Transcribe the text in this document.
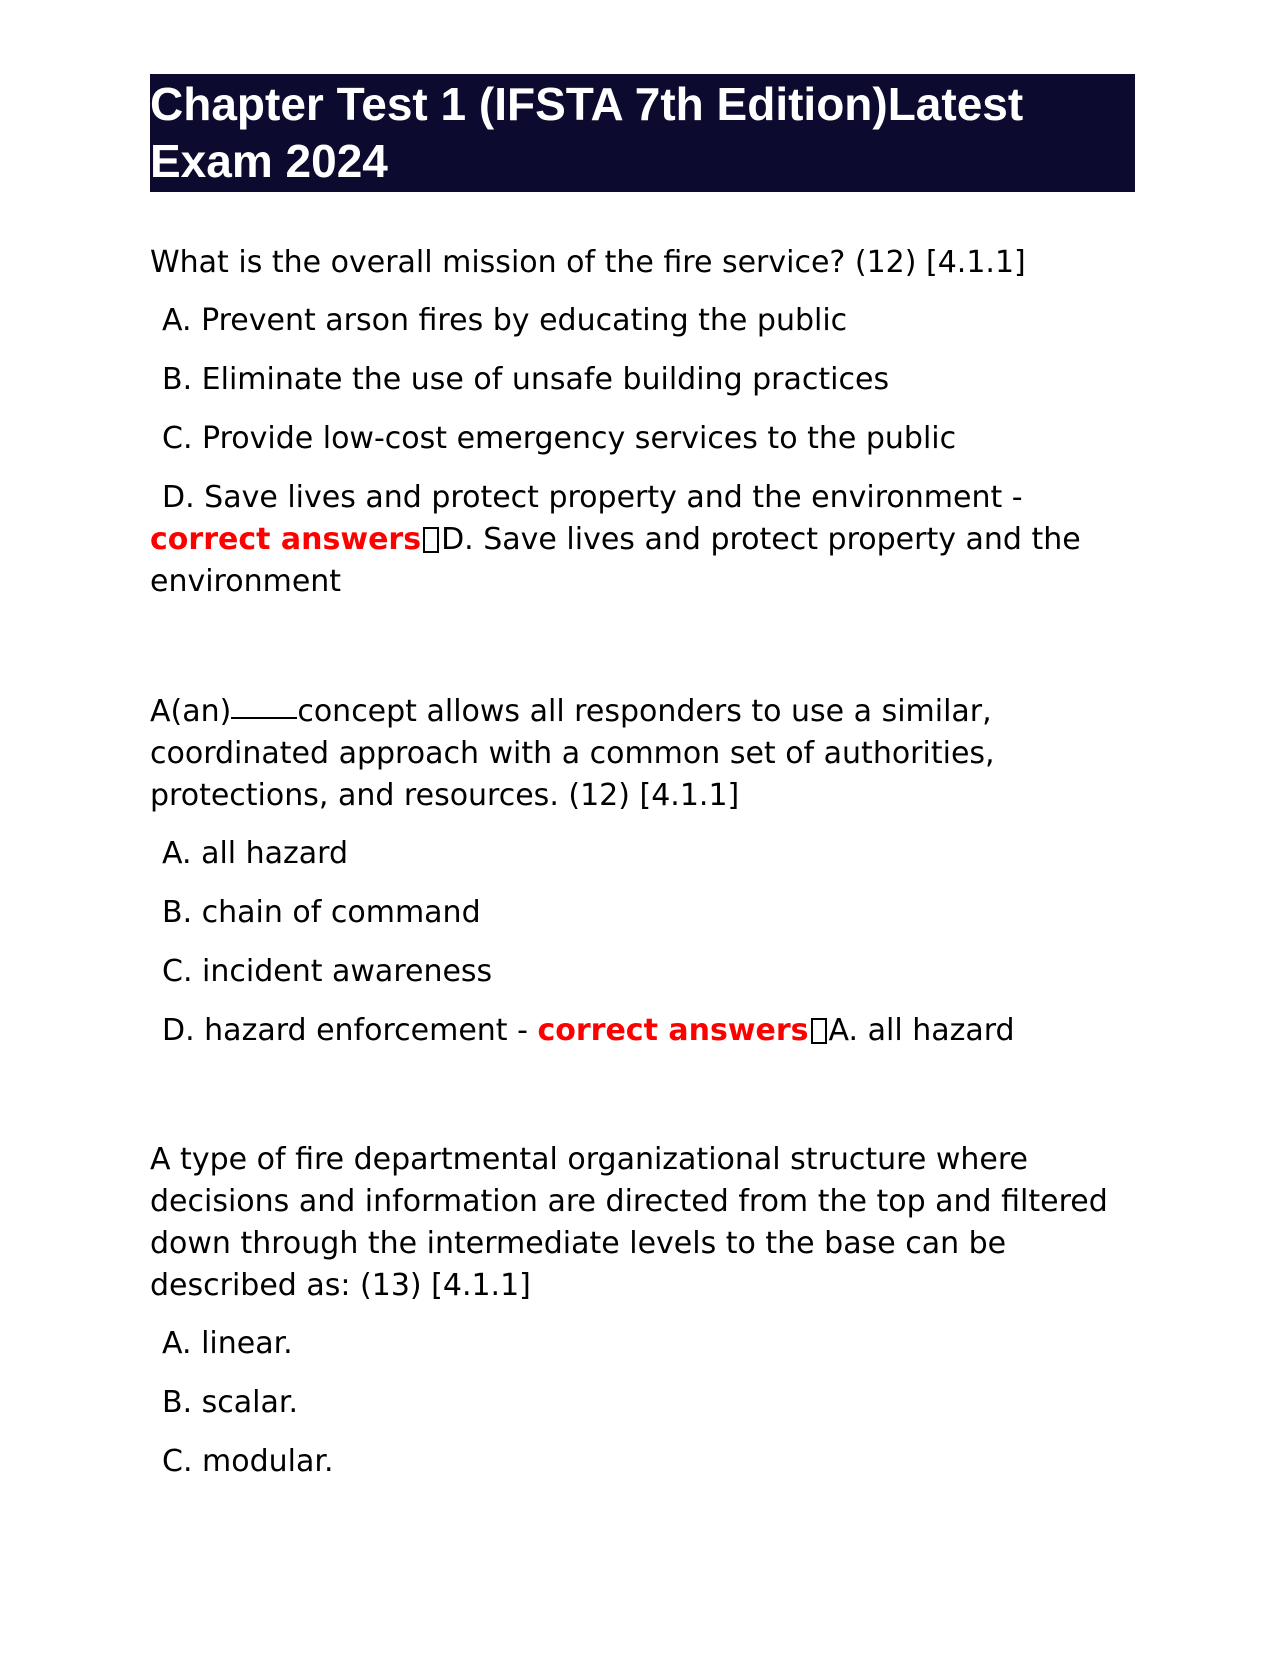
Chapter Test 1 (IFSTA 7th Edition)Latest Exam 2024

What is the overall mission of the fire service? (12) [4.1.1]

A. Prevent arson fires by educating the public

B. Eliminate the use of unsafe building practices

C. Provide low-cost emergency services to the public

D. Save lives and protect property and the environment -

correct answers D. Save lives and protect property and the environment

A(an) concept allows all responders to use a similar, coordinated approach with a common set of authorities, protections, and resources. (12) [4.1.1]

A. all hazard

B. chain of command

C. incident awareness

D. hazard enforcement - correct answers A. all hazard

A type of fire departmental organizational structure where decisions and information are directed from the top and filtered down through the intermediate levels to the base can be described as: (13) [4.1.1]

A. linear.

B. scalar.

C. modular.
